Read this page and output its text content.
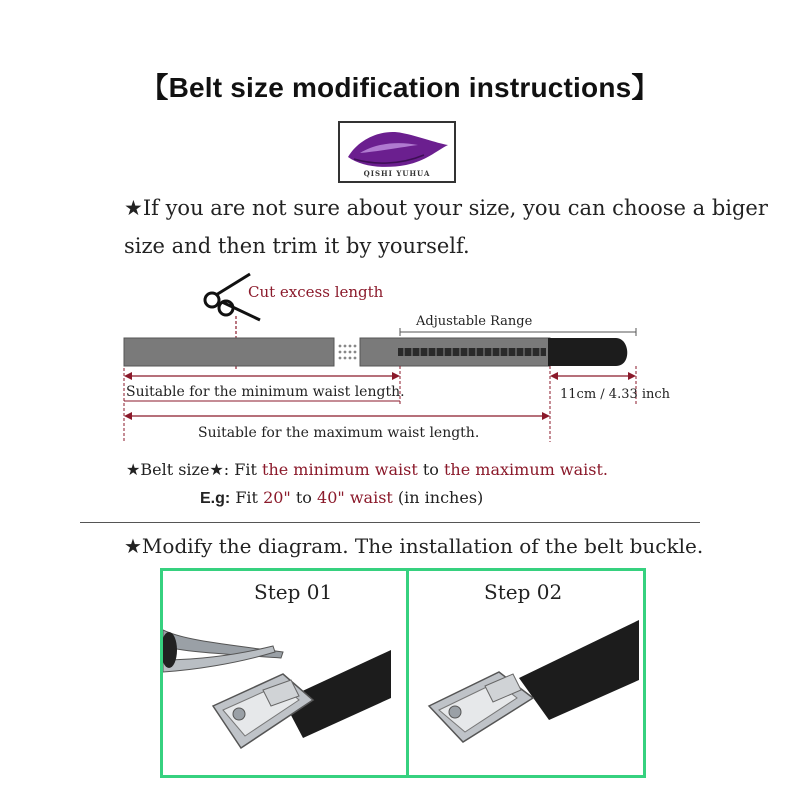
【Belt size modification instructions】
QISHI YUHUA
★If you are not sure about your size, you can choose a biger
size and then trim it by yourself.
Cut excess length
Adjustable Range
Suitable for the minimum waist length.
Suitable for the maximum waist length.
11cm / 4.33 inch
★Belt size★: Fit the minimum waist to the maximum waist.
E.g: Fit 20" to 40" waist (in inches)
★Modify the diagram. The installation of the belt buckle.
Step 01	Step 02
